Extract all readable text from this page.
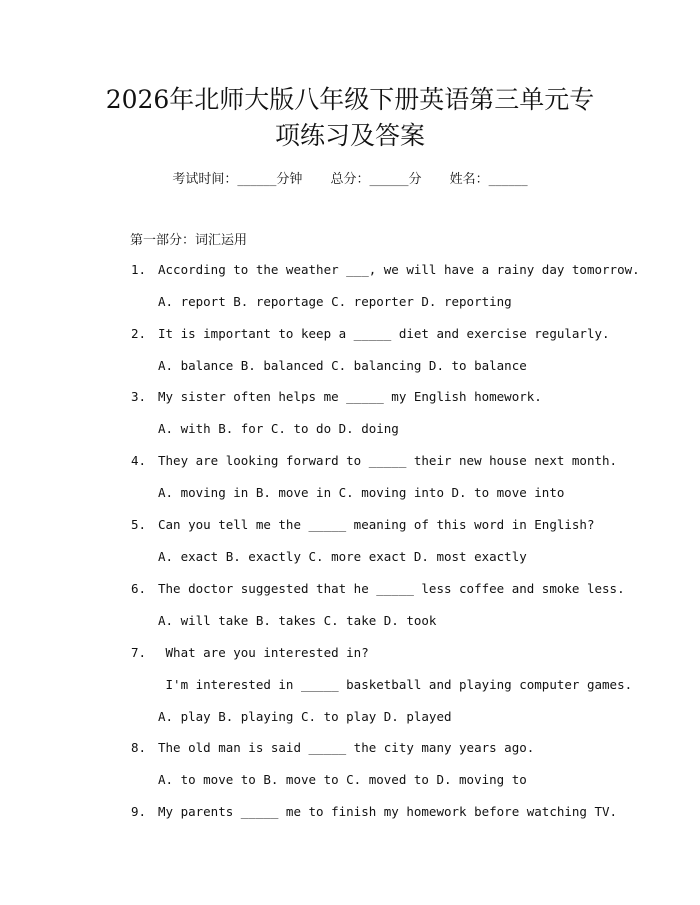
2026年北师大版八年级下册英语第三单元专
项练习及答案
考试时间：______分钟 总分：______分 姓名：______
第一部分：词汇运用
1. According to the weather ___, we will have a rainy day tomorrow.
A. report B. reportage C. reporter D. reporting
2. It is important to keep a _____ diet and exercise regularly.
A. balance B. balanced C. balancing D. to balance
3. My sister often helps me _____ my English homework.
A. with B. for C. to do D. doing
4. They are looking forward to _____ their new house next month.
A. moving in B. move in C. moving into D. to move into
5. Can you tell me the _____ meaning of this word in English?
A. exact B. exactly C. more exact D. most exactly
6. The doctor suggested that he _____ less coffee and smoke less.
A. will take B. takes C. take D. took
7. What are you interested in?
I'm interested in _____ basketball and playing computer games.
A. play B. playing C. to play D. played
8. The old man is said _____ the city many years ago.
A. to move to B. move to C. moved to D. moving to
9. My parents _____ me to finish my homework before watching TV.
